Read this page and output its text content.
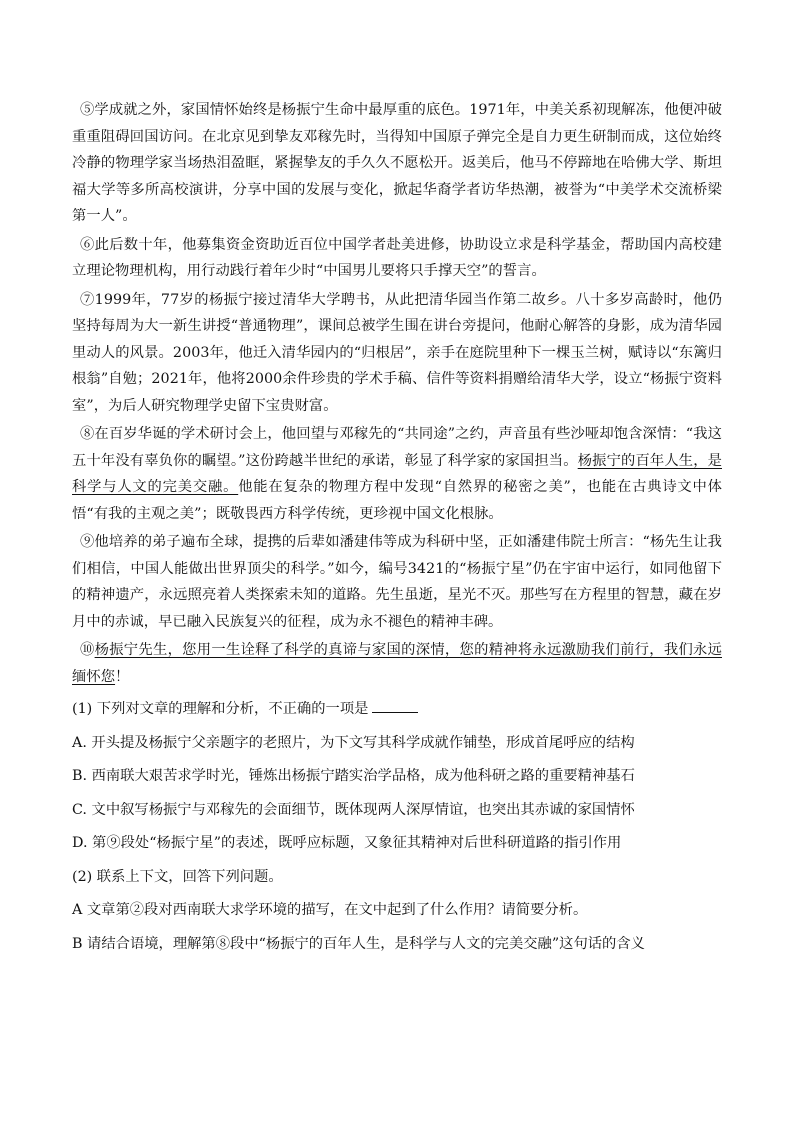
⑤学成就之外，家国情怀始终是杨振宁生命中最厚重的底色。1971年，中美关系初现解冻，他便冲破重重阻碍回国访问。在北京见到挚友邓稼先时，当得知中国原子弹完全是自力更生研制而成，这位始终冷静的物理学家当场热泪盈眶，紧握挚友的手久久不愿松开。返美后，他马不停蹄地在哈佛大学、斯坦福大学等多所高校演讲，分享中国的发展与变化，掀起华裔学者访华热潮，被誉为“中美学术交流桥梁第一人”。

⑥此后数十年，他募集资金资助近百位中国学者赴美进修，协助设立求是科学基金，帮助国内高校建立理论物理机构，用行动践行着年少时“中国男儿要将只手撑天空”的誓言。

⑦1999年，77岁的杨振宁接过清华大学聘书，从此把清华园当作第二故乡。八十多岁高龄时，他仍坚持每周为大一新生讲授“普通物理”，课间总被学生围在讲台旁提问，他耐心解答的身影，成为清华园里动人的风景。2003年，他迁入清华园内的“归根居”，亲手在庭院里种下一棵玉兰树，赋诗以“东篱归根翁”自勉；2021年，他将2000余件珍贵的学术手稿、信件等资料捐赠给清华大学，设立“杨振宁资料室”，为后人研究物理学史留下宝贵财富。

⑧在百岁华诞的学术研讨会上，他回望与邓稼先的“共同途”之约，声音虽有些沙哑却饱含深情：“我这五十年没有辜负你的瞩望。”这份跨越半世纪的承诺，彰显了科学家的家国担当。杨振宁的百年人生，是科学与人文的完美交融。他能在复杂的物理方程中发现“自然界的秘密之美”，也能在古典诗文中体悟“有我的主观之美”；既敬畏西方科学传统，更珍视中国文化根脉。

⑨他培养的弟子遍布全球，提携的后辈如潘建伟等成为科研中坚，正如潘建伟院士所言：“杨先生让我们相信，中国人能做出世界顶尖的科学。”如今，编号3421的“杨振宁星”仍在宇宙中运行，如同他留下的精神遗产，永远照亮着人类探索未知的道路。先生虽逝，星光不灭。那些写在方程里的智慧，藏在岁月中的赤诚，早已融入民族复兴的征程，成为永不褪色的精神丰碑。

⑩杨振宁先生，您用一生诠释了科学的真谛与家国的深情，您的精神将永远激励我们前行，我们永远缅怀您！

(1) 下列对文章的理解和分析，不正确的一项是
A. 开头提及杨振宁父亲题字的老照片，为下文写其科学成就作铺垫，形成首尾呼应的结构
B. 西南联大艰苦求学时光，锤炼出杨振宁踏实治学品格，成为他科研之路的重要精神基石
C. 文中叙写杨振宁与邓稼先的会面细节，既体现两人深厚情谊，也突出其赤诚的家国情怀
D. 第⑨段处“杨振宁星”的表述，既呼应标题，又象征其精神对后世科研道路的指引作用
(2) 联系上下文，回答下列问题。
A 文章第②段对西南联大求学环境的描写，在文中起到了什么作用？请简要分析。
B 请结合语境，理解第⑧段中“杨振宁的百年人生，是科学与人文的完美交融”这句话的含义
